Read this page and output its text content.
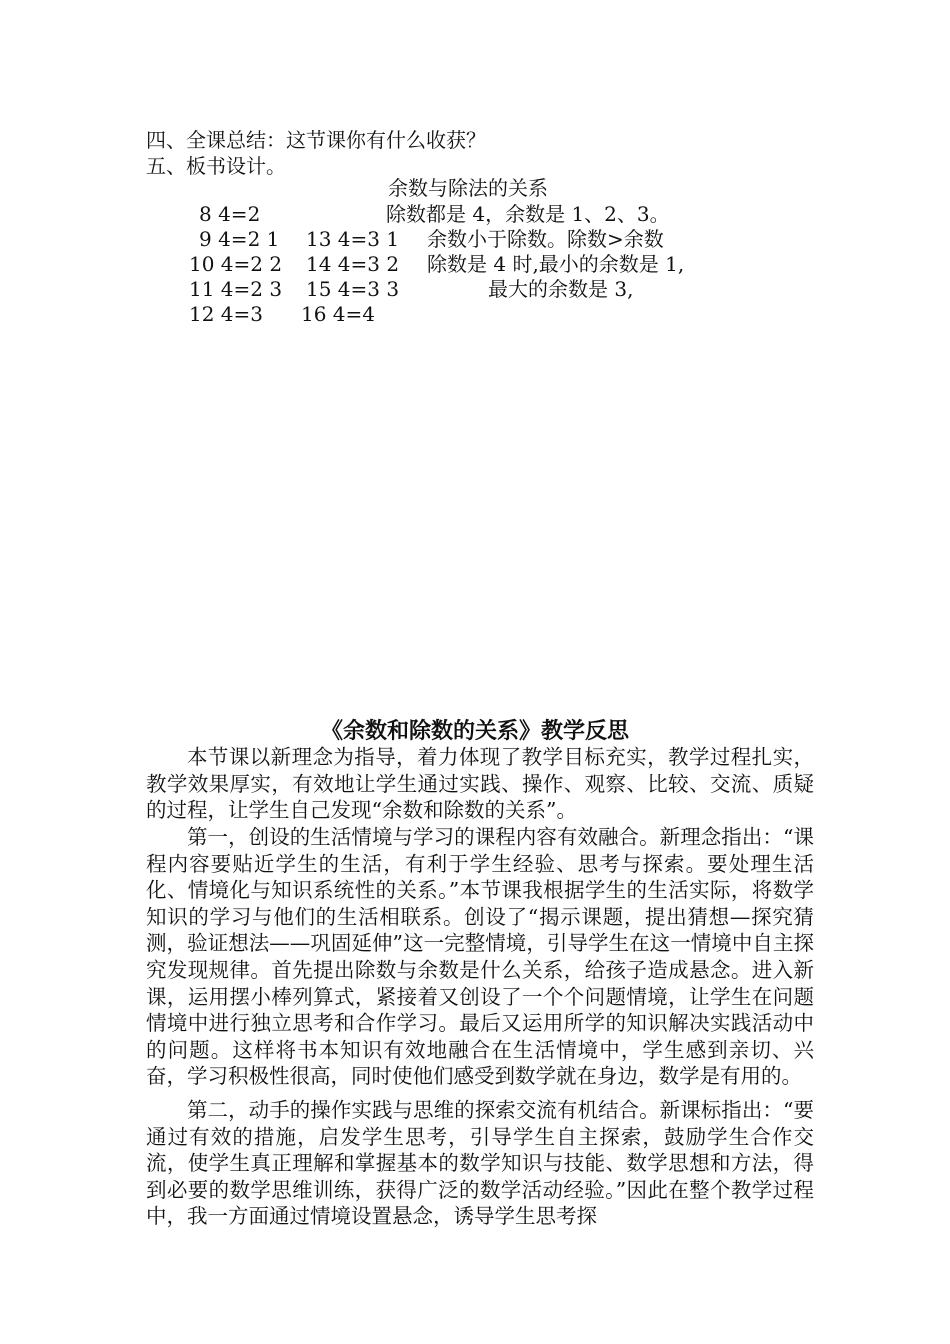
四、全课总结：这节课你有什么收获？
五、板书设计。
余数与除法的关系
8 4=2
9 4=2 1
10 4=2 2
11 4=2 3
12 4=3
13 4=3 1
14 4=3 2
15 4=3 3
16 4=4
除数都是 4，余数是 1、2、3。
余数小于除数。除数>余数
除数是 4 时,最小的余数是 1,
最大的余数是 3,
《余数和除数的关系》教学反思
本节课以新理念为指导，着力体现了教学目标充实，教学过程扎实，教学效果厚实，有效地让学生通过实践、操作、观察、比较、交流、质疑的过程，让学生自己发现“余数和除数的关系”。
第一，创设的生活情境与学习的课程内容有效融合。新理念指出：“课程内容要贴近学生的生活，有利于学生经验、思考与探索。要处理生活化、情境化与知识系统性的关系。”本节课我根据学生的生活实际，将数学知识的学习与他们的生活相联系。创设了“揭示课题，提出猜想—探究猜测，验证想法——巩固延伸”这一完整情境，引导学生在这一情境中自主探究发现规律。首先提出除数与余数是什么关系，给孩子造成悬念。进入新课，运用摆小棒列算式，紧接着又创设了一个个问题情境，让学生在问题情境中进行独立思考和合作学习。最后又运用所学的知识解决实践活动中的问题。这样将书本知识有效地融合在生活情境中，学生感到亲切、兴奋，学习积极性很高，同时使他们感受到数学就在身边，数学是有用的。
第二，动手的操作实践与思维的探索交流有机结合。新课标指出：“要通过有效的措施，启发学生思考，引导学生自主探索，鼓励学生合作交流，使学生真正理解和掌握基本的数学知识与技能、数学思想和方法，得到必要的数学思维训练，获得广泛的数学活动经验。”因此在整个教学过程中，我一方面通过情境设置悬念，诱导学生思考探
